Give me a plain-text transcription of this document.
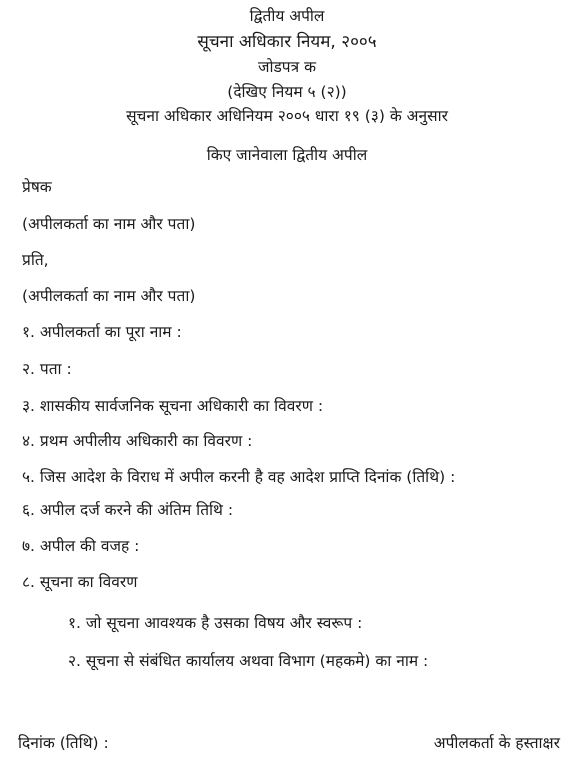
द्वितीय अपील
सूचना अधिकार नियम, २००५
जोडपत्र क
(देखिए नियम ५ (२))
सूचना अधिकार अधिनियम २००५ धारा १९ (३) के अनुसार
किए जानेवाला द्वितीय अपील
प्रेषक
(अपीलकर्ता का नाम और पता)
प्रति,
(अपीलकर्ता का नाम और पता)
१. अपीलकर्ता का पूरा नाम :
२. पता :
३. शासकीय सार्वजनिक सूचना अधिकारी का विवरण :
४. प्रथम अपीलीय अधिकारी का विवरण :
५. जिस आदेश के विराध में अपील करनी है वह आदेश प्राप्ति दिनांक (तिथि) :
६. अपील दर्ज करने की अंतिम तिथि :
७. अपील की वजह :
८. सूचना का विवरण
१. जो सूचना आवश्यक है उसका विषय और स्वरूप :
२. सूचना से संबंधित कार्यालय अथवा विभाग (महकमे) का नाम :
दिनांक (तिथि) :	अपीलकर्ता के हस्ताक्षर
